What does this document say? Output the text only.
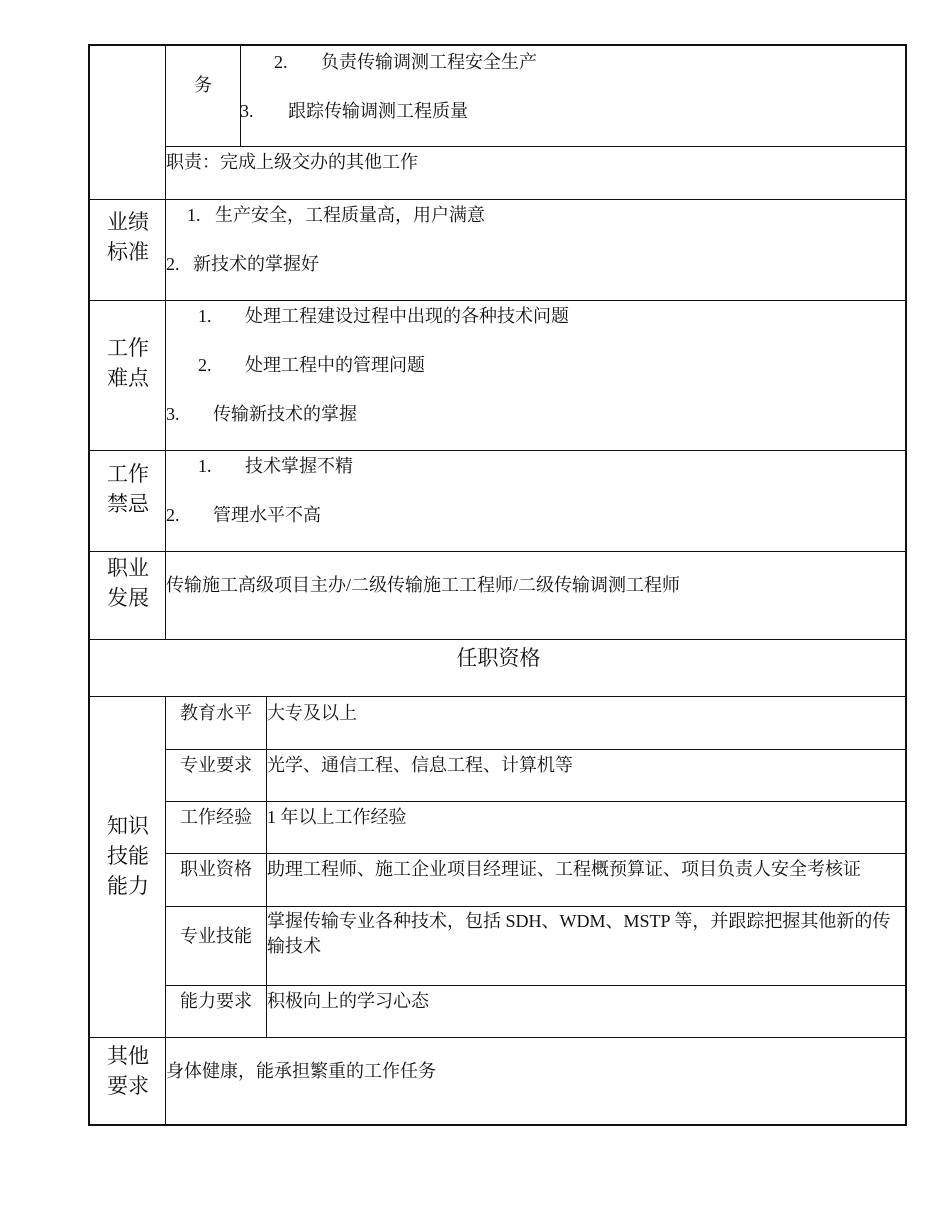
务
2. 负责传输调测工程安全生产
3. 跟踪传输调测工程质量
职责：完成上级交办的其他工作
业绩
标准
1. 生产安全，工程质量高，用户满意
2. 新技术的掌握好
工作
难点
1. 处理工程建设过程中出现的各种技术问题
2. 处理工程中的管理问题
3. 传输新技术的掌握
工作
禁忌
1. 技术掌握不精
2. 管理水平不高
职业
发展
传输施工高级项目主办/二级传输施工工程师/二级传输调测工程师
任职资格
知识
技能
能力
教育水平 大专及以上
专业要求 光学、通信工程、信息工程、计算机等
工作经验 1 年以上工作经验
职业资格 助理工程师、施工企业项目经理证、工程概预算证、项目负责人安全考核证
专业技能
掌握传输专业各种技术，包括 SDH、WDM、MSTP 等，并跟踪把握其他新的传输技术
能力要求 积极向上的学习心态
其他
要求
身体健康，能承担繁重的工作任务
